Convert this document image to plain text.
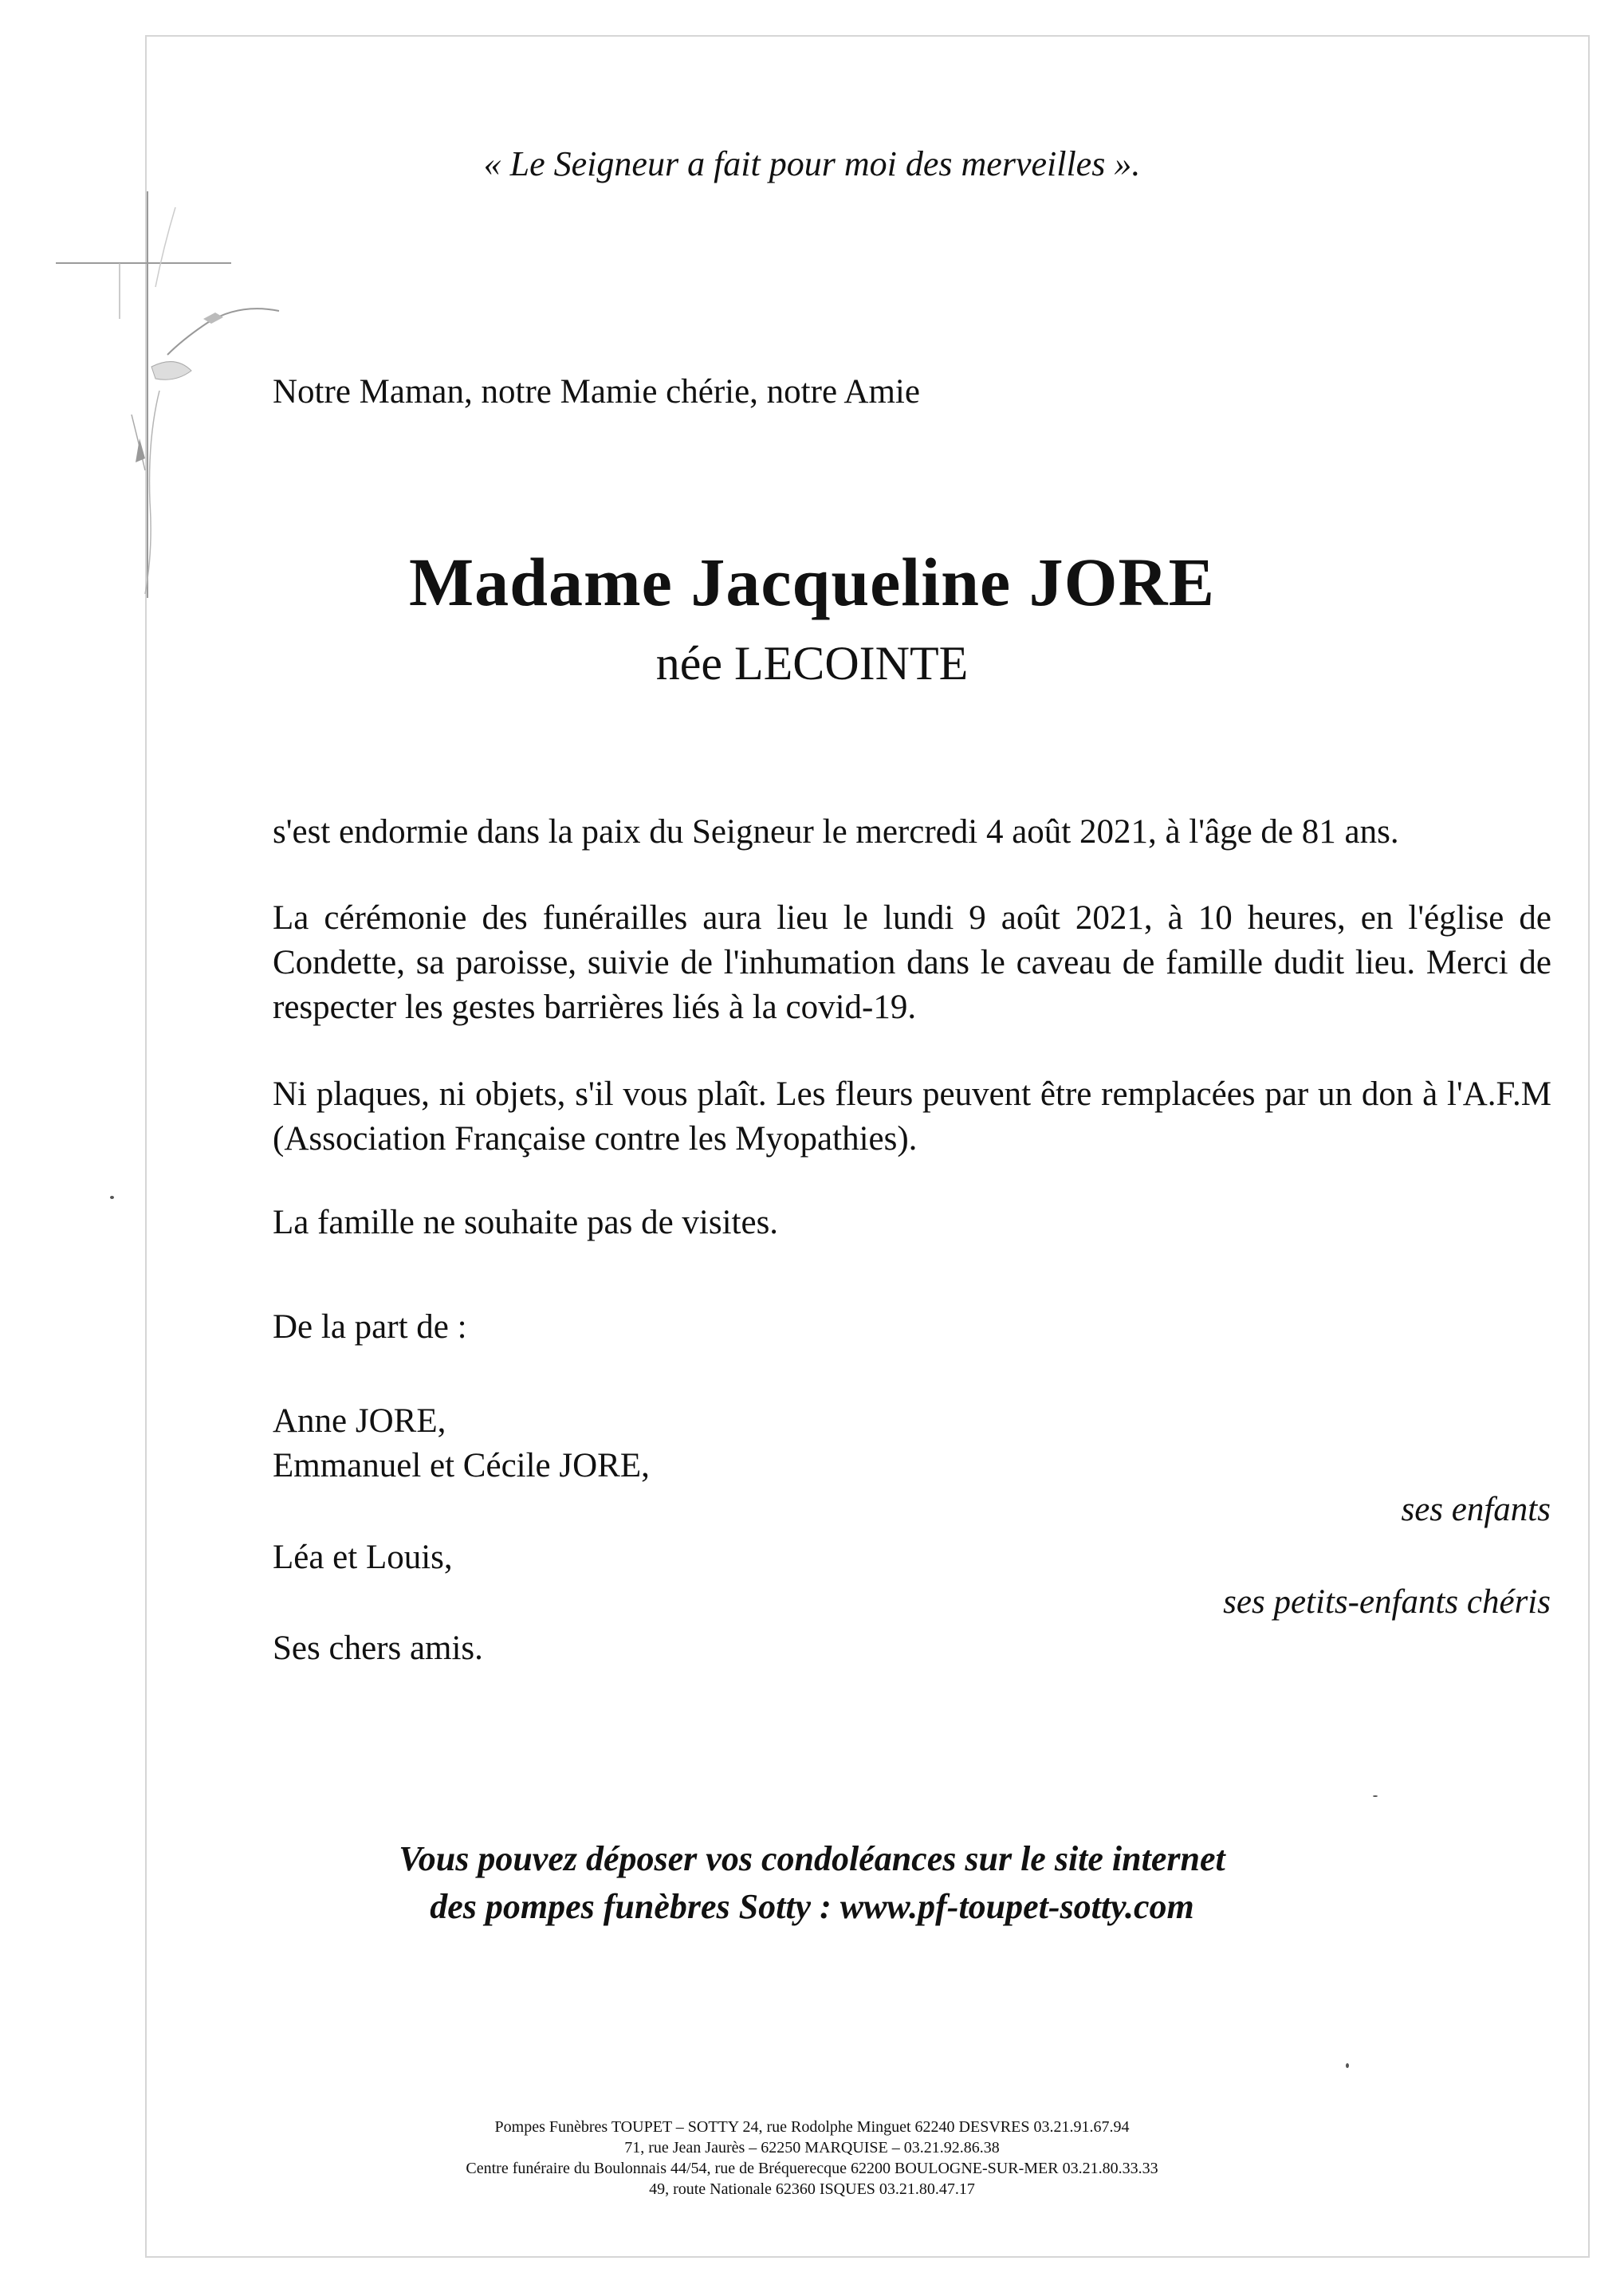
« Le Seigneur a fait pour moi des merveilles ».
Notre Maman, notre Mamie chérie, notre Amie
Madame Jacqueline JORE
née LECOINTE
s'est endormie dans la paix du Seigneur le mercredi 4 août 2021, à l'âge de 81 ans.
La cérémonie des funérailles aura lieu le lundi 9 août 2021, à 10 heures, en l'église de Condette, sa paroisse, suivie de l'inhumation dans le caveau de famille dudit lieu. Merci de respecter les gestes barrières liés à la covid-19.
Ni plaques, ni objets, s'il vous plaît. Les fleurs peuvent être remplacées par un don à l'A.F.M (Association Française contre les Myopathies).
La famille ne souhaite pas de visites.
De la part de :
Anne JORE,
Emmanuel et Cécile JORE,
ses enfants
Léa et Louis,
ses petits-enfants chéris
Ses chers amis.
Vous pouvez déposer vos condoléances sur le site internet
des pompes funèbres Sotty : www.pf-toupet-sotty.com
Pompes Funèbres TOUPET – SOTTY 24, rue Rodolphe Minguet 62240 DESVRES 03.21.91.67.94
71, rue Jean Jaurès – 62250 MARQUISE – 03.21.92.86.38
Centre funéraire du Boulonnais 44/54, rue de Bréquerecque 62200 BOULOGNE-SUR-MER 03.21.80.33.33
49, route Nationale 62360 ISQUES 03.21.80.47.17
